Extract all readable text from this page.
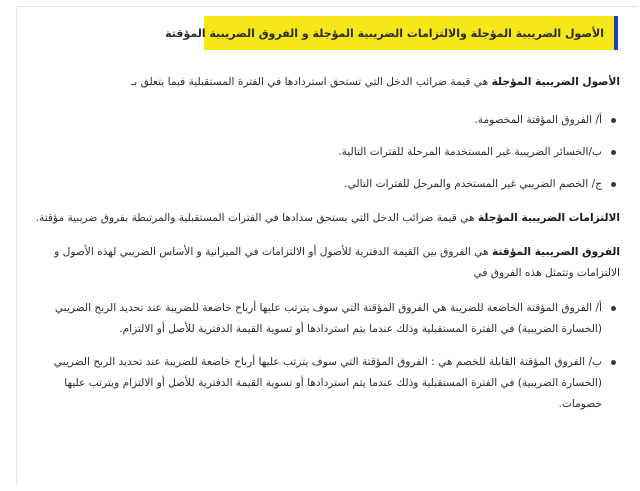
الأصول الضريبية المؤجلة والالتزامات الضريبية المؤجلة و الفروق الضريبية المؤقتة

الأصول الضريبية المؤجلة هي قيمة ضرائب الدخل التي تستحق استردادها في الفترة المستقبلية فيما يتعلق بـ

أ/ الفروق المؤقتة المخصومة.
ب/الخسائر الضريبية غير المستخدمة المرحلة للفترات التالية.
ج/ الخصم الضريبي غير المستخدم والمرحل للفترات التالي.

الالتزامات الضريبية المؤجلة هي قيمة ضرائب الدخل التي يستحق سدادها في الفترات المستقبلية والمرتبطة بفروق ضريبية مؤقتة.

الفروق الضريبية المؤقتة هي الفروق بين القيمة الدفترية للأصول أو الالتزامات في الميزانية و الأساس الضريبي لهذه الأصول و الالتزامات وتتمثل هذه الفروق في

أ/ الفروق المؤقتة الخاضعة للضريبة هي الفروق المؤقتة التي سوف يترتب عليها أرباح خاضعة للضريبة عند تحديد الربح الضريبي (الخسارة الضريبية) في الفترة المستقبلية وذلك عندما يتم استردادها أو تسوية القيمة الدفترية للأصل أو الالتزام.
ب/ الفروق المؤقتة القابلة للخصم هي : الفروق المؤقتة التي سوف يترتب عليها أرباح خاضعة للضريبة عند تحديد الربح الضريبي (الخسارة الضريبية) في الفترة المستقبلية وذلك عندما يتم استردادها أو تسوية القيمة الدفترية للأصل أو الالتزام ويترتب عليها خصومات.
